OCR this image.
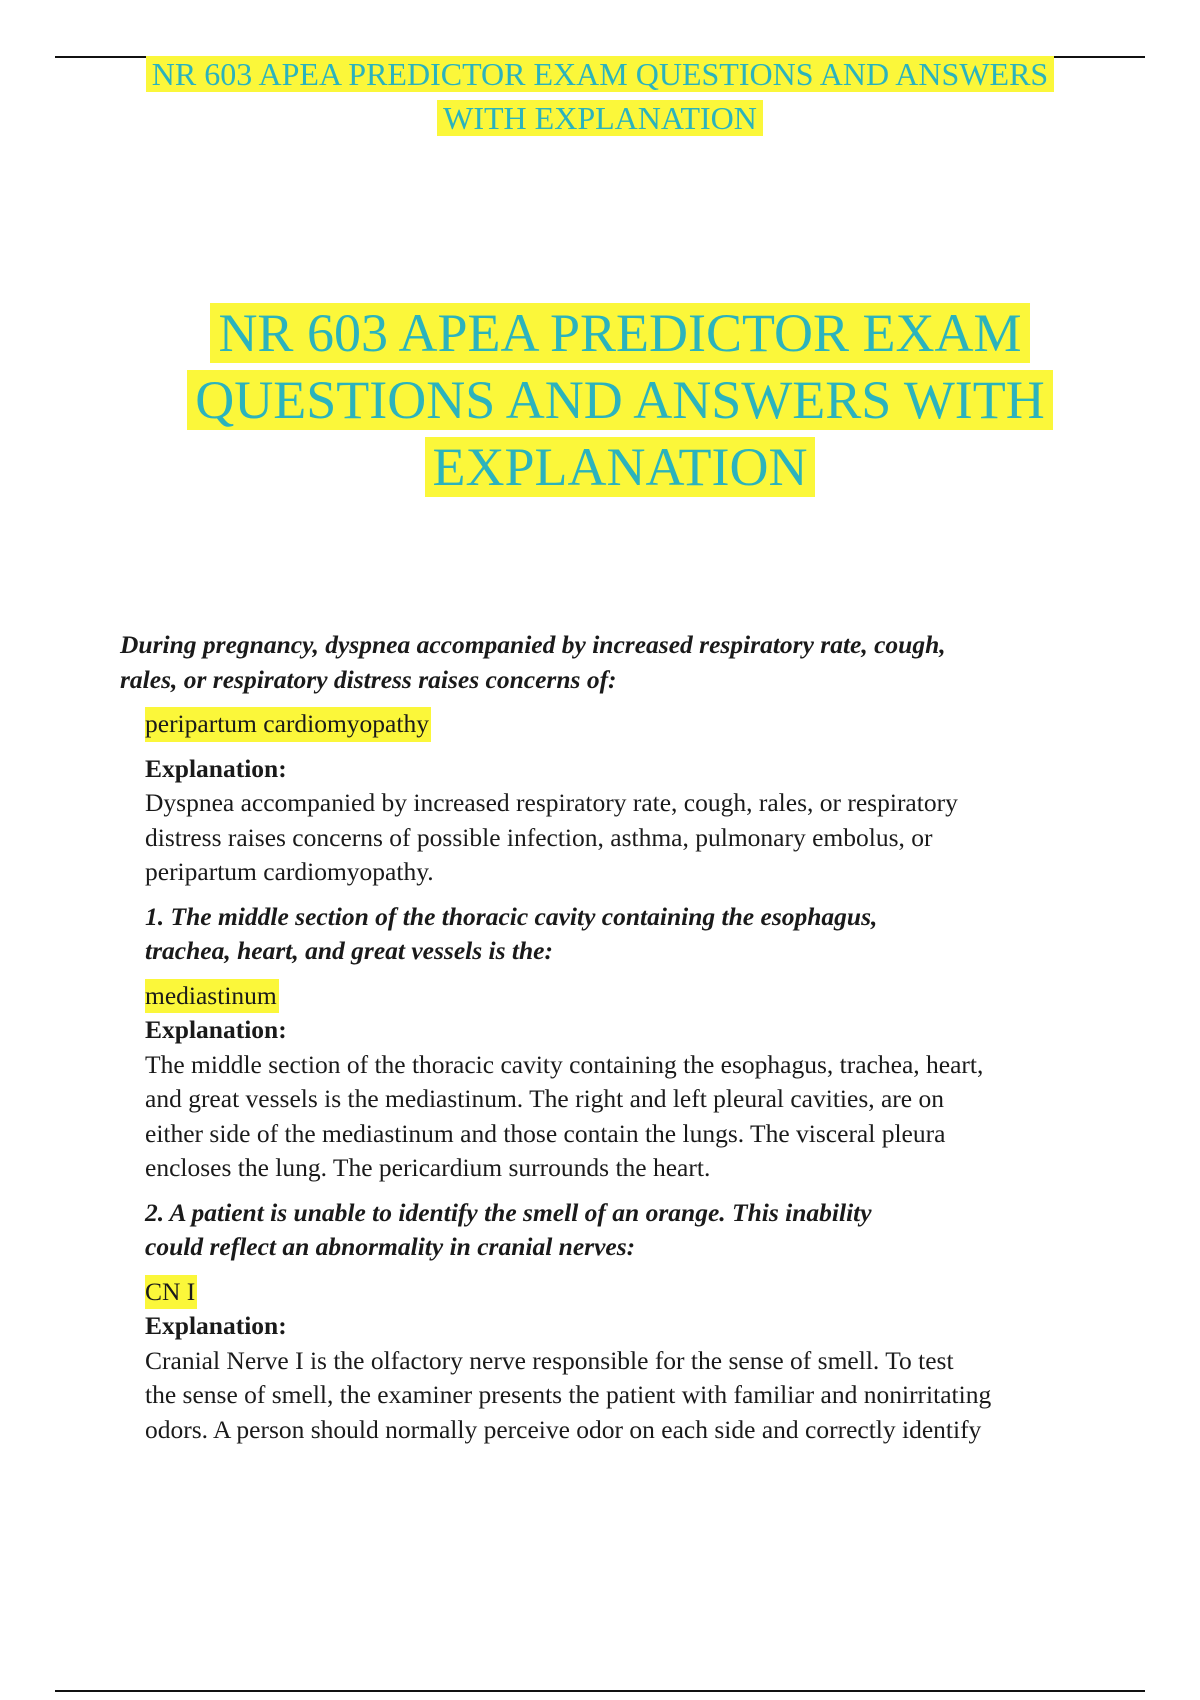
NR 603 APEA PREDICTOR EXAM QUESTIONS AND ANSWERS
WITH EXPLANATION
NR 603 APEA PREDICTOR EXAM
QUESTIONS AND ANSWERS WITH
EXPLANATION
During pregnancy, dyspnea accompanied by increased respiratory rate, cough,
rales, or respiratory distress raises concerns of:
peripartum cardiomyopathy
Explanation:
Dyspnea accompanied by increased respiratory rate, cough, rales, or respiratory
distress raises concerns of possible infection, asthma, pulmonary embolus, or
peripartum cardiomyopathy.
1. The middle section of the thoracic cavity containing the esophagus,
trachea, heart, and great vessels is the:
mediastinum
Explanation:
The middle section of the thoracic cavity containing the esophagus, trachea, heart,
and great vessels is the mediastinum. The right and left pleural cavities, are on
either side of the mediastinum and those contain the lungs. The visceral pleura
encloses the lung. The pericardium surrounds the heart.
2. A patient is unable to identify the smell of an orange. This inability
could reflect an abnormality in cranial nerves:
CN I
Explanation:
Cranial Nerve I is the olfactory nerve responsible for the sense of smell. To test
the sense of smell, the examiner presents the patient with familiar and nonirritating
odors. A person should normally perceive odor on each side and correctly identify
